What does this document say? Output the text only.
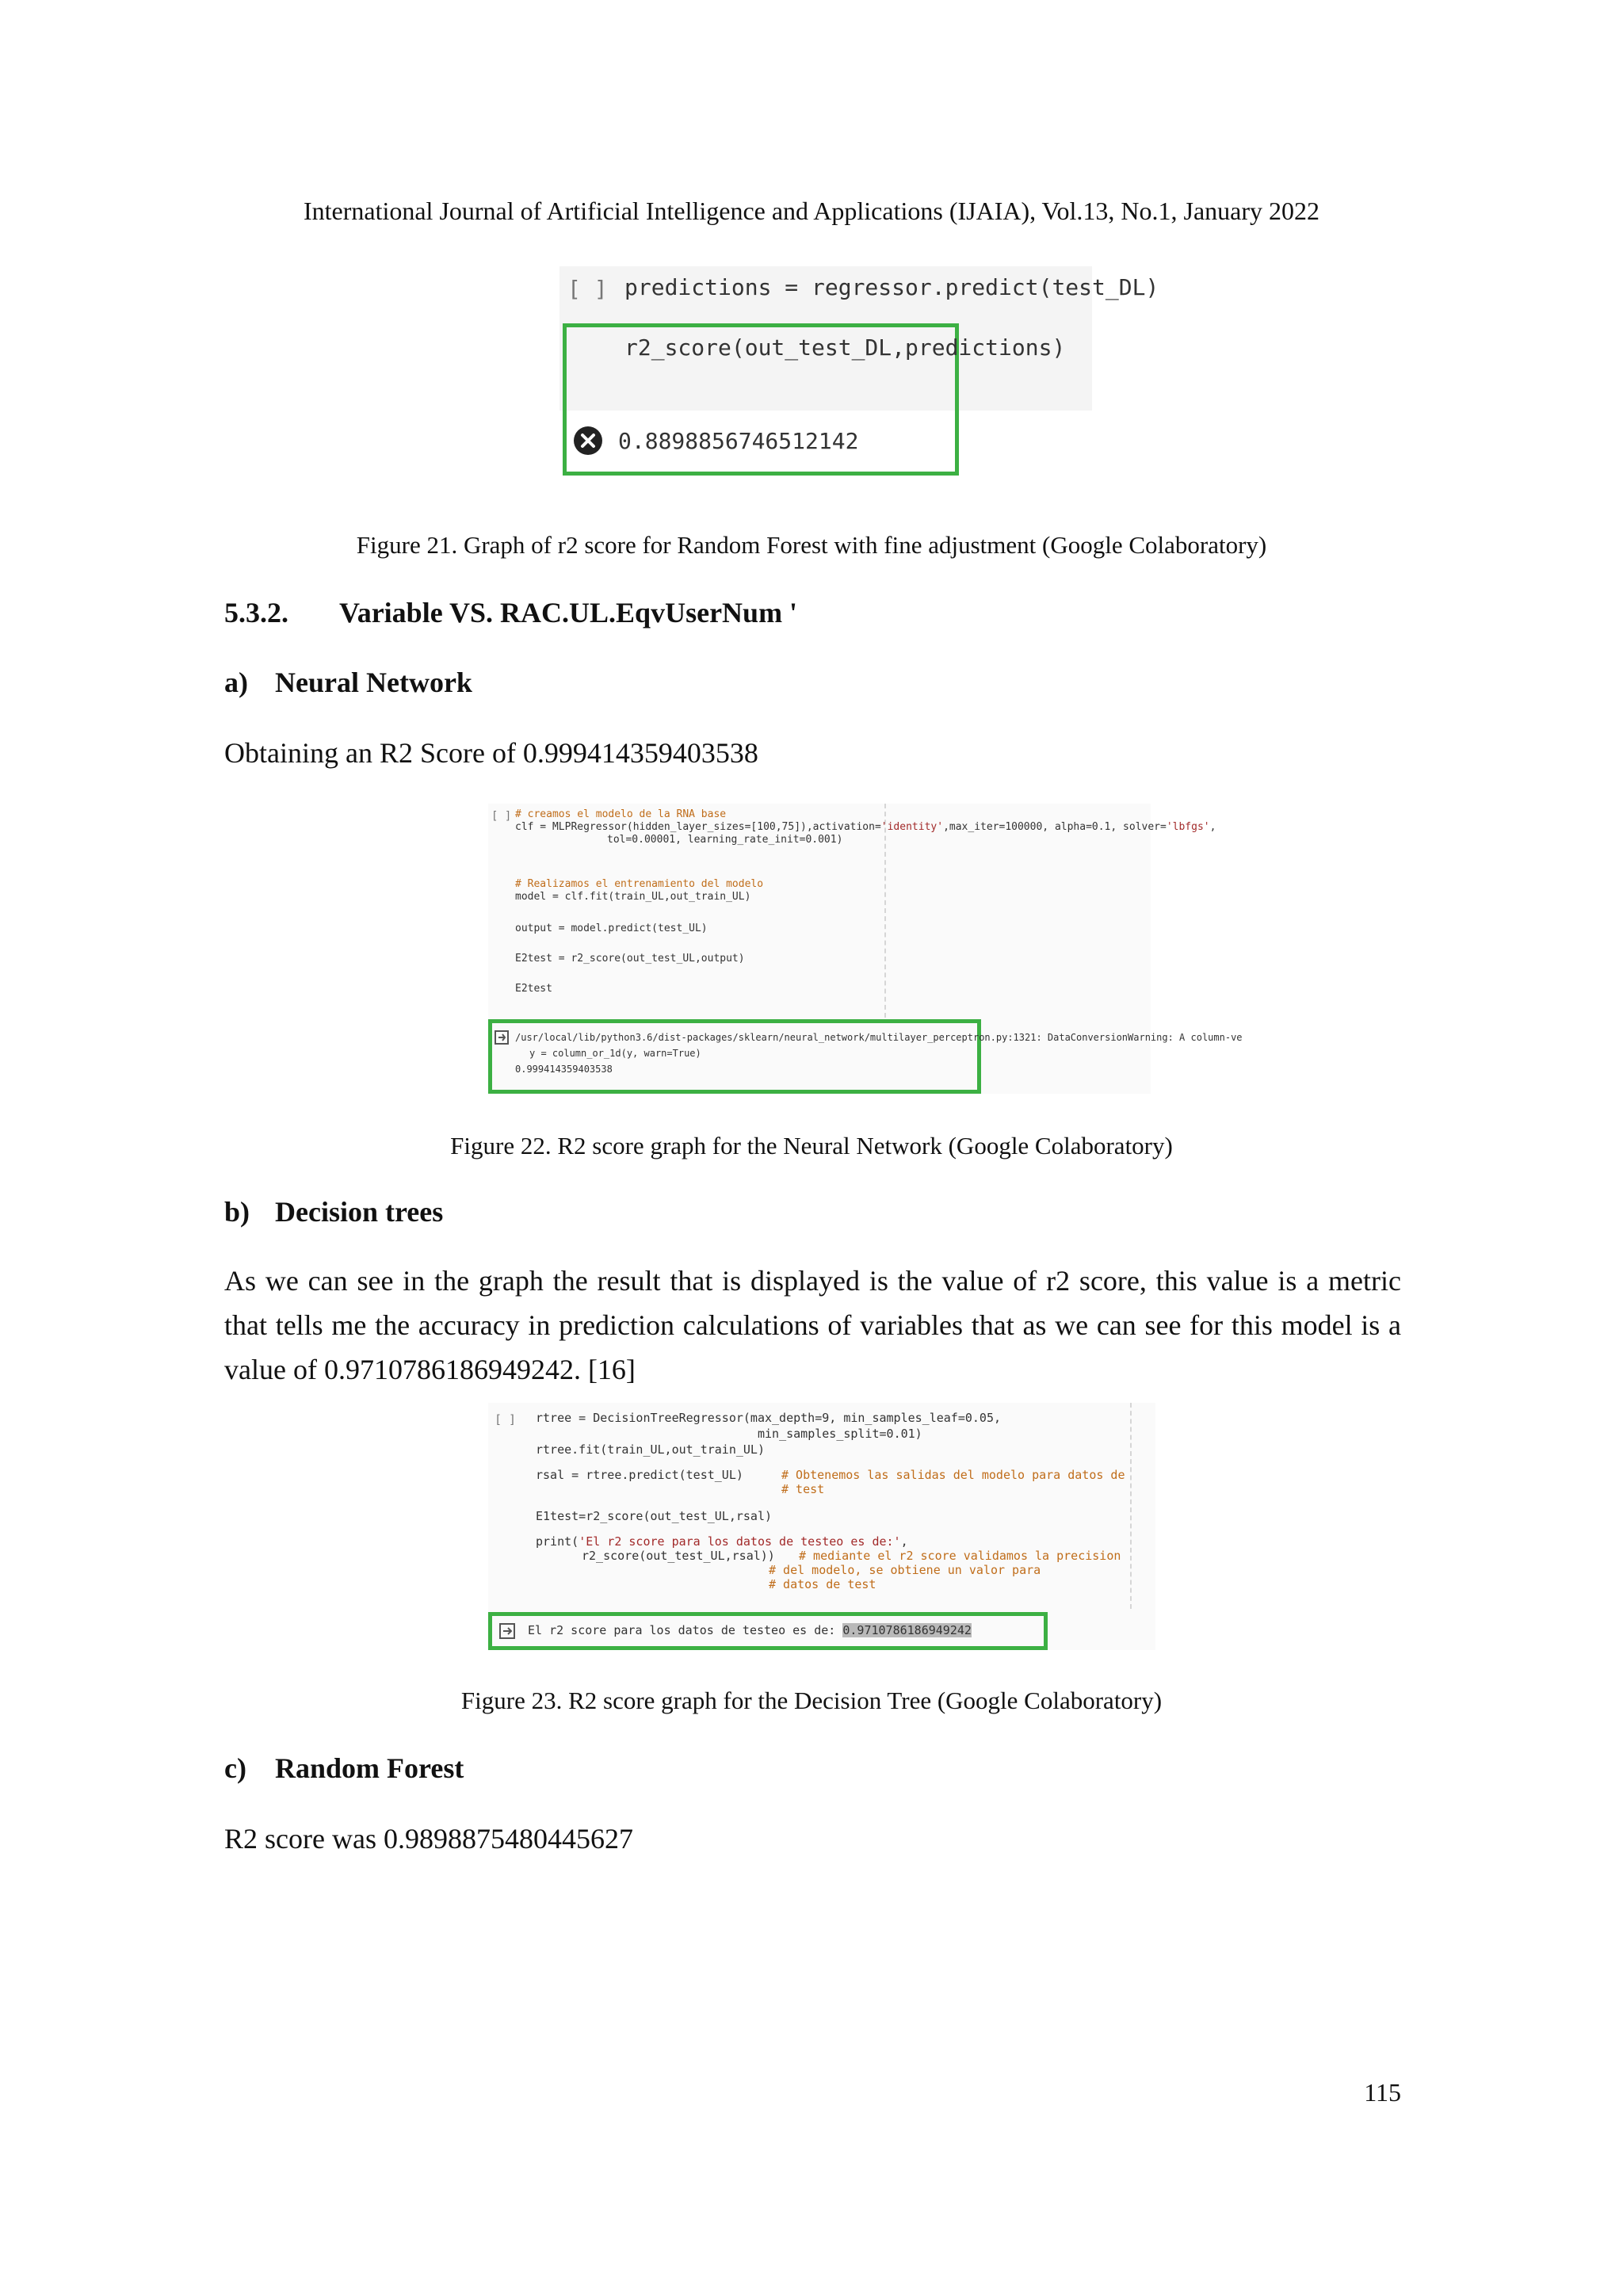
International Journal of Artificial Intelligence and Applications (IJAIA), Vol.13, No.1, January 2022
[ ] predictions = regressor.predict(test_DL)
r2_score(out_test_DL,predictions)
0.8898856746512142
Figure 21. Graph of r2 score for Random Forest with fine adjustment (Google Colaboratory)
5.3.2. Variable VS. RAC.UL.EqvUserNum '
a) Neural Network
Obtaining an R2 Score of 0.999414359403538
[ ] # creamos el modelo de la RNA base
clf = MLPRegressor(hidden_layer_sizes=[100,75]),activation='identity',max_iter=100000, alpha=0.1, solver='lbfgs',
tol=0.00001, learning_rate_init=0.001)
# Realizamos el entrenamiento del modelo
model = clf.fit(train_UL,out_train_UL)
output = model.predict(test_UL)
E2test = r2_score(out_test_UL,output)
E2test
/usr/local/lib/python3.6/dist-packages/sklearn/neural_network/multilayer_perceptron.py:1321: DataConversionWarning: A column-ve
y = column_or_1d(y, warn=True)
0.999414359403538
Figure 22. R2 score graph for the Neural Network (Google Colaboratory)
b) Decision trees
As we can see in the graph the result that is displayed is the value of r2 score, this value is a metric that tells me the accuracy in prediction calculations of variables that as we can see for this model is a value of 0.9710786186949242. [16]
[ ] rtree = DecisionTreeRegressor(max_depth=9, min_samples_leaf=0.05,
min_samples_split=0.01)
rtree.fit(train_UL,out_train_UL)
rsal = rtree.predict(test_UL)	# Obtenemos las salidas del modelo para datos de
# test
E1test=r2_score(out_test_UL,rsal)
print('El r2 score para los datos de testeo es de:',
r2_score(out_test_UL,rsal)) # mediante el r2 score validamos la precision
# del modelo, se obtiene un valor para
# datos de test
El r2 score para los datos de testeo es de: 0.9710786186949242
Figure 23. R2 score graph for the Decision Tree (Google Colaboratory)
c) Random Forest
R2 score was 0.9898875480445627
115
